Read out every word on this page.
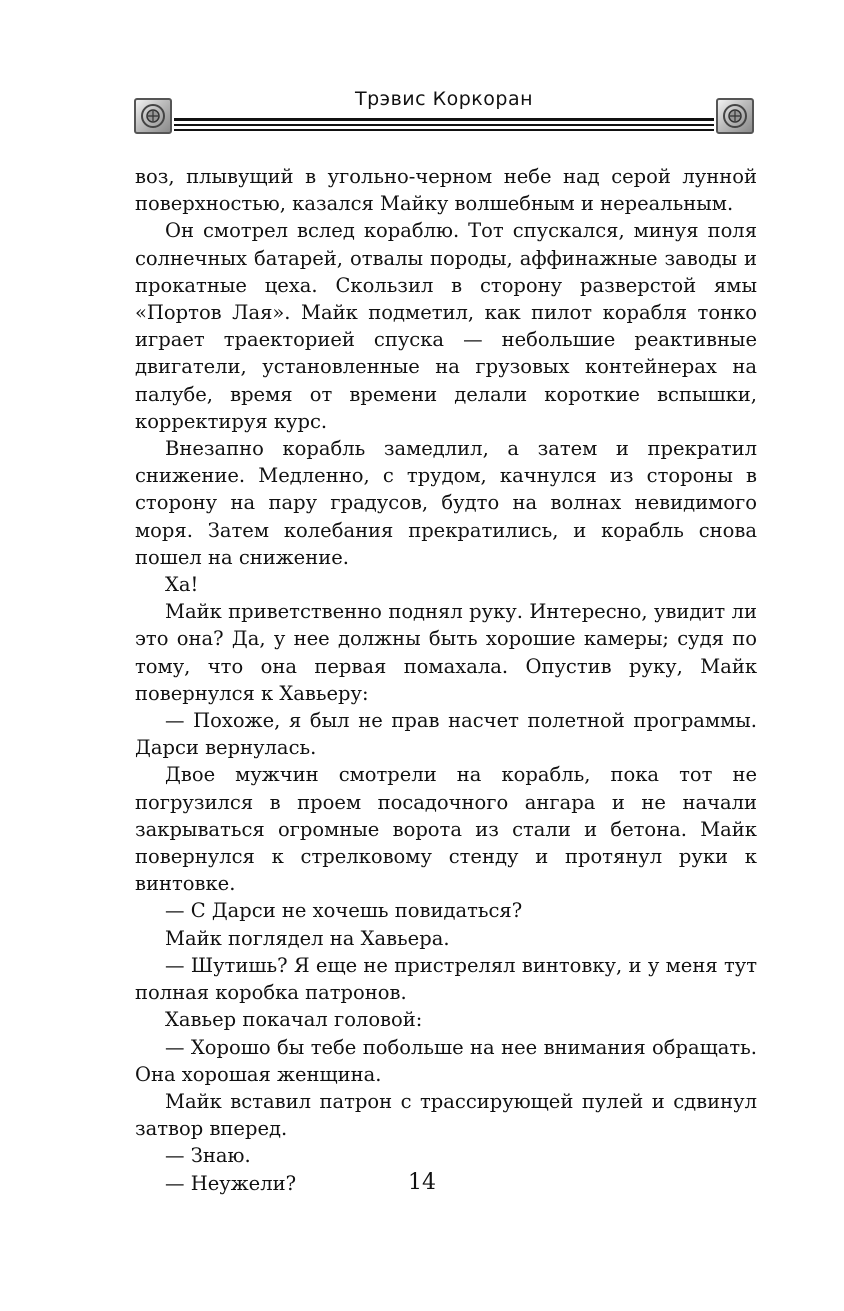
Трэвис Коркоран

воз, плывущий в угольно-черном небе над серой лунной поверхностью, казался Майку волшебным и нереальным.

Он смотрел вслед кораблю. Тот спускался, минуя поля солнечных батарей, отвалы породы, аффинажные заводы и прокатные цеха. Скользил в сторону разверстой ямы «Портов Лая». Майк подметил, как пилот корабля тонко играет траекторией спуска — небольшие реактивные двигатели, установленные на грузовых контейнерах на палубе, время от времени делали короткие вспышки, корректируя курс.

Внезапно корабль замедлил, а затем и прекратил снижение. Медленно, с трудом, качнулся из стороны в сторону на пару градусов, будто на волнах невидимого моря. Затем колебания прекратились, и корабль снова пошел на снижение.

Ха!

Майк приветственно поднял руку. Интересно, увидит ли это она? Да, у нее должны быть хорошие камеры; судя по тому, что она первая помахала. Опустив руку, Майк повернулся к Хавьеру:

— Похоже, я был не прав насчет полетной программы. Дарси вернулась.

Двое мужчин смотрели на корабль, пока тот не погрузился в проем посадочного ангара и не начали закрываться огромные ворота из стали и бетона. Майк повернулся к стрелковому стенду и протянул руки к винтовке.

— С Дарси не хочешь повидаться?

Майк поглядел на Хавьера.

— Шутишь? Я еще не пристрелял винтовку, и у меня тут полная коробка патронов.

Хавьер покачал головой:

— Хорошо бы тебе побольше на нее внимания обращать. Она хорошая женщина.

Майк вставил патрон с трассирующей пулей и сдвинул затвор вперед.

— Знаю.

— Неужели?	14
